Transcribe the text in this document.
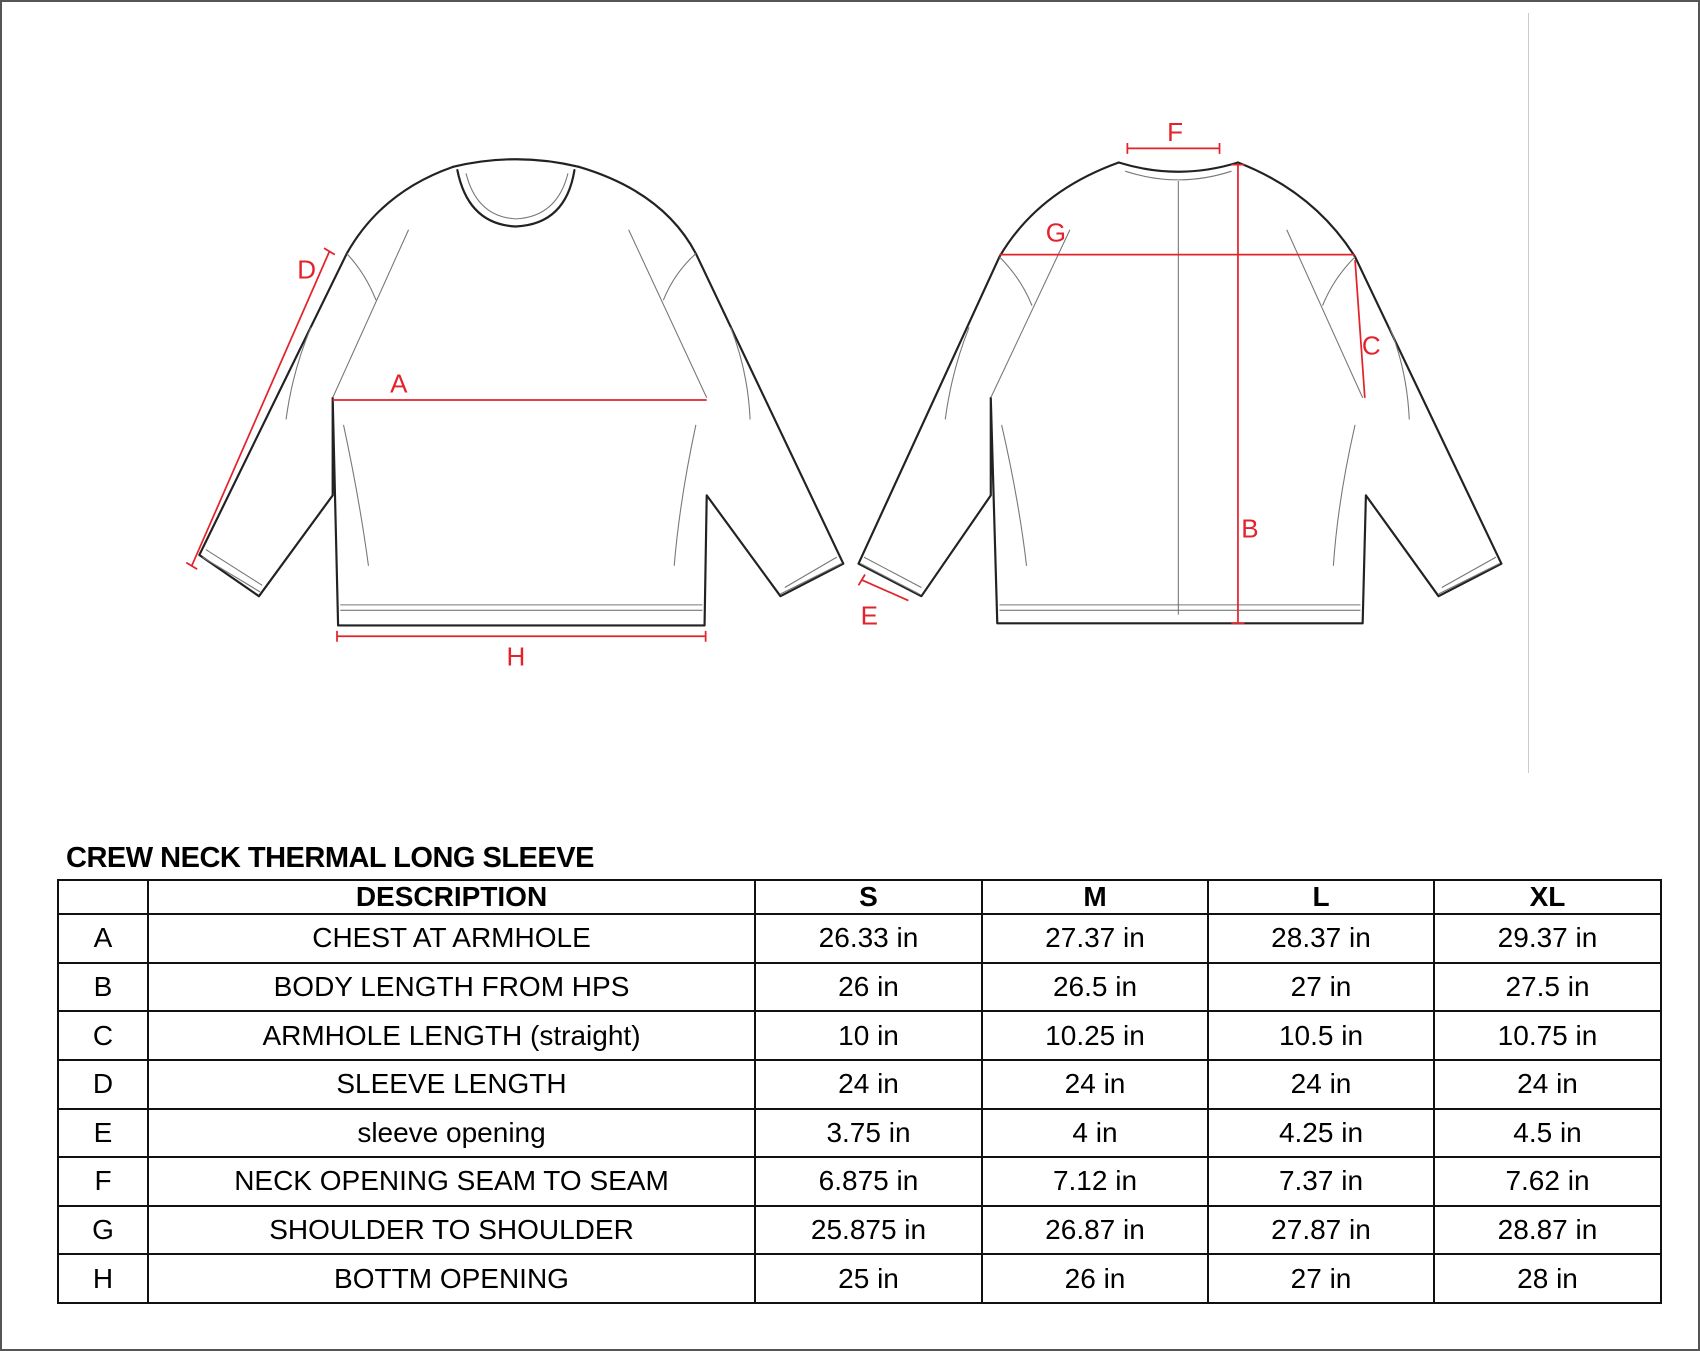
A
H
D
F
G
C
B
E
CREW NECK THERMAL LONG SLEEVE
	DESCRIPTION	S	M	L	XL
A	CHEST AT ARMHOLE	26.33 in	27.37 in	28.37 in	29.37 in
B	BODY LENGTH FROM HPS	26 in	26.5 in	27 in	27.5 in
C	ARMHOLE LENGTH (straight)	10 in	10.25 in	10.5 in	10.75 in
D	SLEEVE LENGTH	24 in	24 in	24 in	24 in
E	sleeve opening	3.75 in	4 in	4.25 in	4.5 in
F	NECK OPENING SEAM TO SEAM	6.875 in	7.12 in	7.37 in	7.62 in
G	SHOULDER TO SHOULDER	25.875 in	26.87 in	27.87 in	28.87 in
H	BOTTM OPENING	25 in	26 in	27 in	28 in
